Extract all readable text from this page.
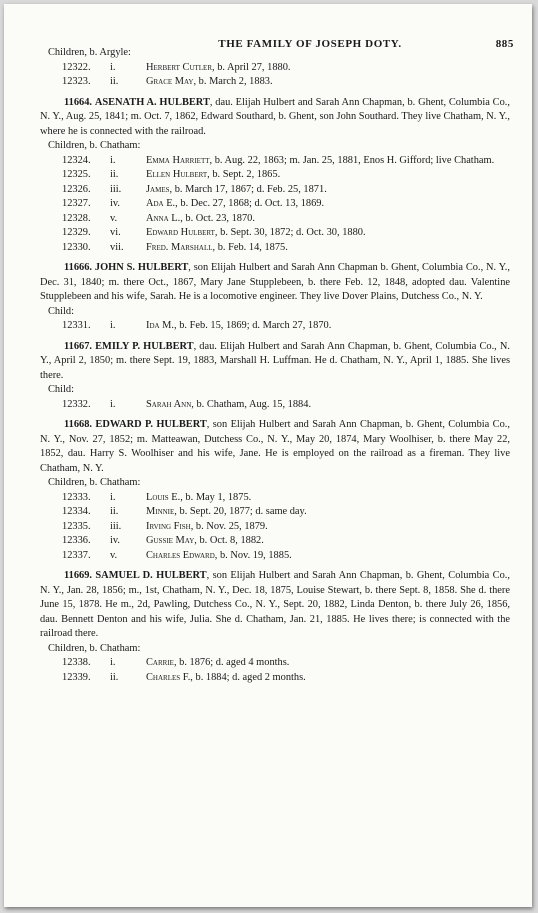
THE FAMILY OF JOSEPH DOTY.	885
Children, b. Argyle:
12322.	i.	Herbert Cutler, b. April 27, 1880.
12323.	ii.	Grace May, b. March 2, 1883.

11664. ASENATH A. HULBERT, dau. Elijah Hulbert and Sarah Ann Chapman, b. Ghent, Columbia Co., N. Y., Aug. 25, 1841; m. Oct. 7, 1862, Edward Southard, b. Ghent, son John Southard. They live Chatham, N. Y., where he is connected with the railroad.

Children, b. Chatham:
12324.	i.	Emma Harriett, b. Aug. 22, 1863; m. Jan. 25, 1881, Enos H. Gifford; live Chatham.
12325.	ii.	Ellen Hulbert, b. Sept. 2, 1865.
12326.	iii.	James, b. March 17, 1867; d. Feb. 25, 1871.
12327.	iv.	Ada E., b. Dec. 27, 1868; d. Oct. 13, 1869.
12328.	v.	Anna L., b. Oct. 23, 1870.
12329.	vi.	Edward Hulbert, b. Sept. 30, 1872; d. Oct. 30, 1880.
12330.	vii.	Fred. Marshall, b. Feb. 14, 1875.

11666. JOHN S. HULBERT, son Elijah Hulbert and Sarah Ann Chapman b. Ghent, Columbia Co., N. Y., Dec. 31, 1840; m. there Oct., 1867, Mary Jane Stupplebeen, b. there Feb. 12, 1848, adopted dau. Valentine Stupplebeen and his wife, Sarah. He is a locomotive engineer. They live Dover Plains, Dutchess Co., N. Y.

Child:
12331.	i.	Ida M., b. Feb. 15, 1869; d. March 27, 1870.

11667. EMILY P. HULBERT, dau. Elijah Hulbert and Sarah Ann Chapman, b. Ghent, Columbia Co., N. Y., April 2, 1850; m. there Sept. 19, 1883, Marshall H. Luffman. He d. Chatham, N. Y., April 1, 1885. She lives there.

Child:
12332.	i.	Sarah Ann, b. Chatham, Aug. 15, 1884.

11668. EDWARD P. HULBERT, son Elijah Hulbert and Sarah Ann Chapman, b. Ghent, Columbia Co., N. Y., Nov. 27, 1852; m. Matteawan, Dutchess Co., N. Y., May 20, 1874, Mary Woolhiser, b. there May 22, 1852, dau. Harry S. Woolhiser and his wife, Jane. He is employed on the railroad as a fireman. They live Chatham, N. Y.

Children, b. Chatham:
12333.	i.	Louis E., b. May 1, 1875.
12334.	ii.	Minnie, b. Sept. 20, 1877; d. same day.
12335.	iii.	Irving Fish, b. Nov. 25, 1879.
12336.	iv.	Gussie May, b. Oct. 8, 1882.
12337.	v.	Charles Edward, b. Nov. 19, 1885.

11669. SAMUEL D. HULBERT, son Elijah Hulbert and Sarah Ann Chapman, b. Ghent, Columbia Co., N. Y., Jan. 28, 1856; m., 1st, Chatham, N. Y., Dec. 18, 1875, Louise Stewart, b. there Sept. 8, 1858. She d. there June 15, 1878. He m., 2d, Pawling, Dutchess Co., N. Y., Sept. 20, 1882, Linda Denton, b. there July 26, 1856, dau. Bennett Denton and his wife, Julia. She d. Chatham, Jan. 21, 1885. He lives there; is connected with the railroad there.

Children, b. Chatham:
12338.	i.	Carrie, b. 1876; d. aged 4 months.
12339.	ii.	Charles F., b. 1884; d. aged 2 months.
